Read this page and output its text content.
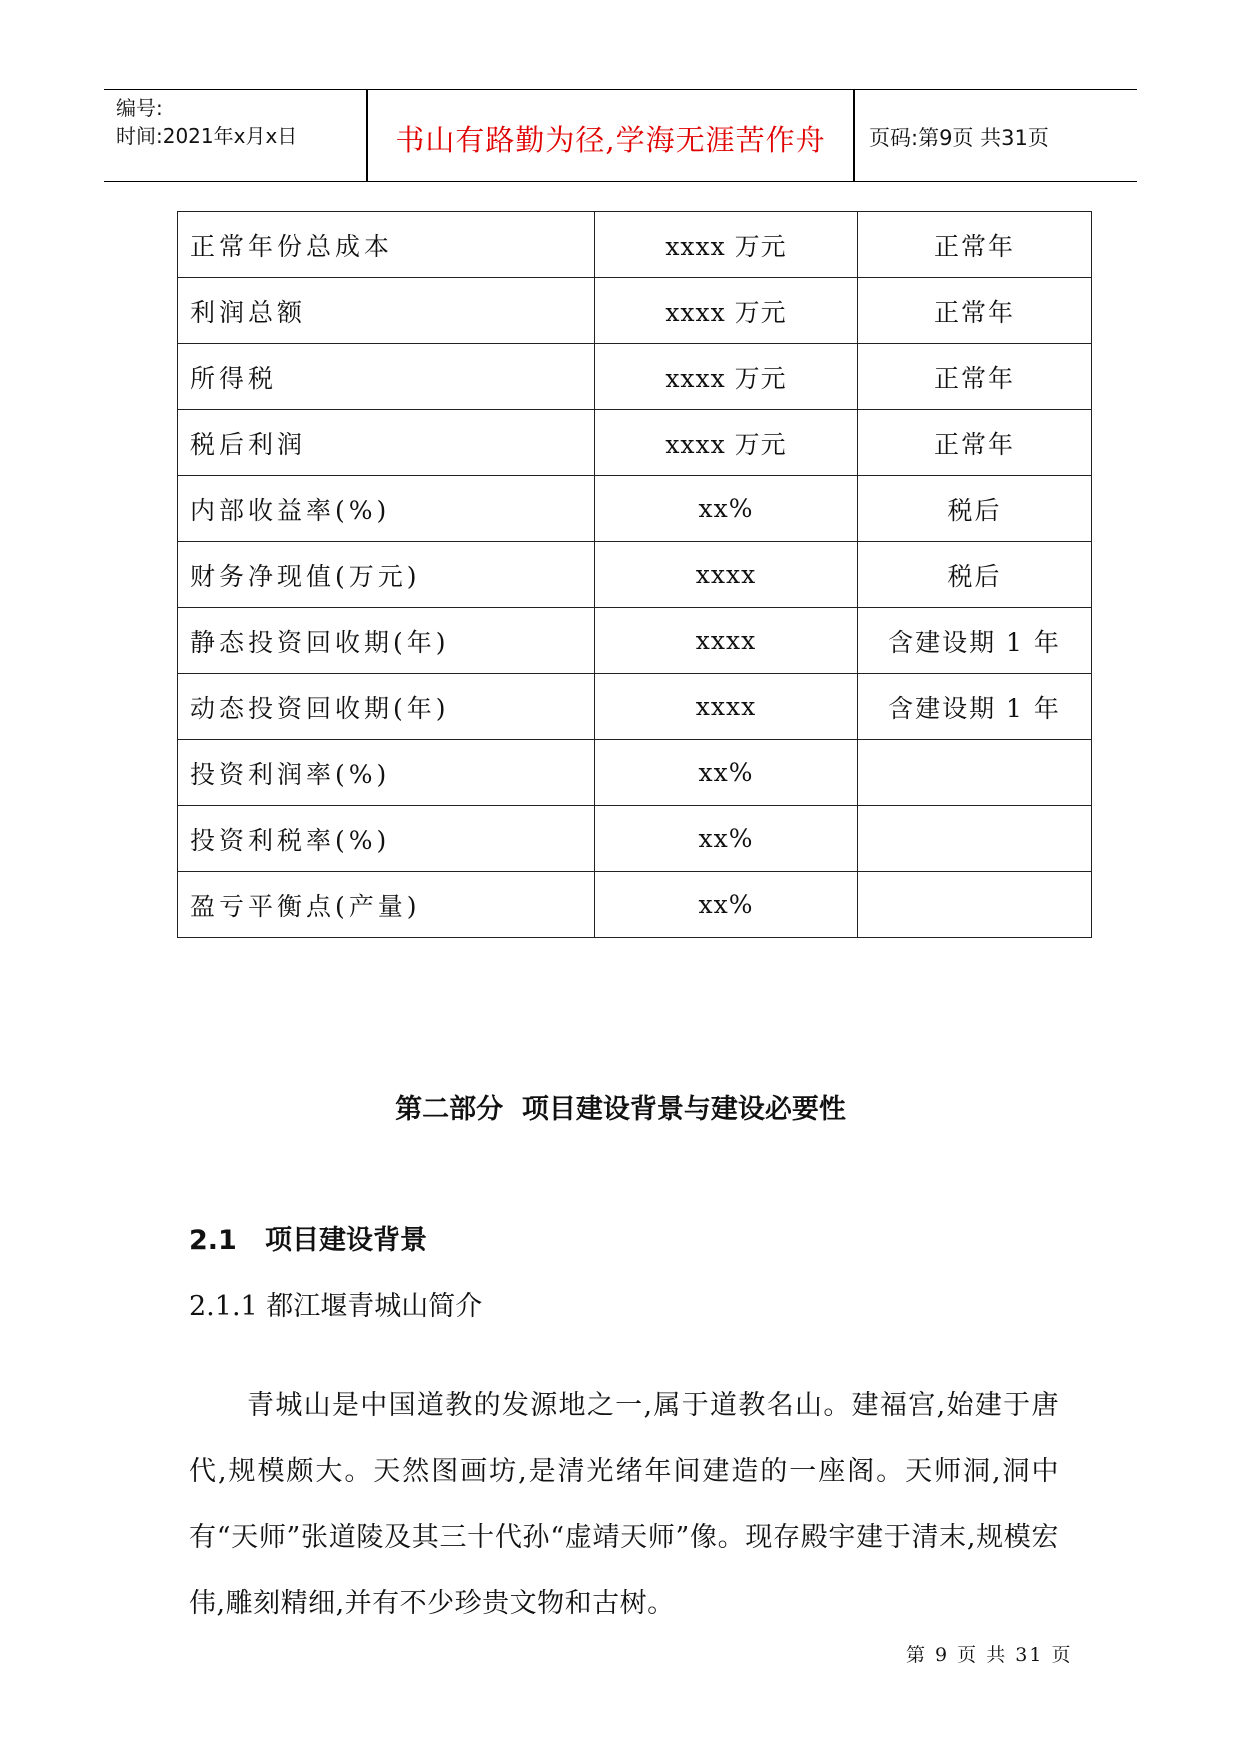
编号:
时间:2021年x月x日	书山有路勤为径,学海无涯苦作舟	页码:第9页 共31页
正常年份总成本	xxxx 万元	正常年
利润总额	xxxx 万元	正常年
所得税	xxxx 万元	正常年
税后利润	xxxx 万元	正常年
内部收益率(%)	xx%	税后
财务净现值(万元)	xxxx	税后
静态投资回收期(年)	xxxx	含建设期 1 年
动态投资回收期(年)	xxxx	含建设期 1 年
投资利润率(%)	xx%	
投资利税率(%)	xx%	
盈亏平衡点(产量)	xx%	
第二部分  项目建设背景与建设必要性
2.1 项目建设背景
2.1.1 都江堰青城山简介
青城山是中国道教的发源地之一,属于道教名山。建福宫,始建于唐代,规模颇大。天然图画坊,是清光绪年间建造的一座阁。天师洞,洞中有“天师”张道陵及其三十代孙“虚靖天师”像。现存殿宇建于清末,规模宏伟,雕刻精细,并有不少珍贵文物和古树。
第 9 页 共 31 页
